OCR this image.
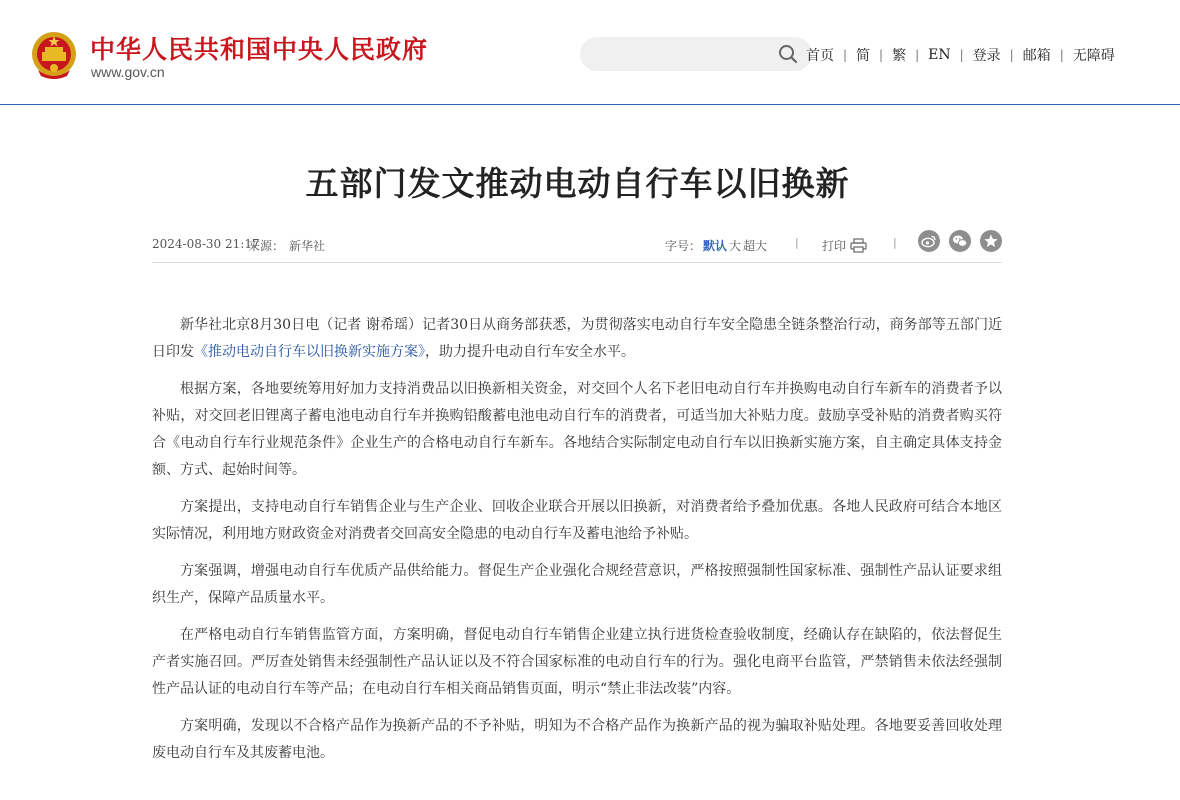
中华人民共和国中央人民政府
www.gov.cn
首页 | 简 | 繁 | EN | 登录 | 邮箱 | 无障碍
五部门发文推动电动自行车以旧换新
2024-08-30 21:17
来源： 新华社	字号： 默认 大 超大	| 打印	|

新华社北京8月30日电（记者 谢希瑶）记者30日从商务部获悉，为贯彻落实电动自行车安全隐患全链条整治行动，商务部等五部门近日印发《推动电动自行车以旧换新实施方案》，助力提升电动自行车安全水平。

根据方案，各地要统筹用好加力支持消费品以旧换新相关资金，对交回个人名下老旧电动自行车并换购电动自行车新车的消费者予以补贴，对交回老旧锂离子蓄电池电动自行车并换购铅酸蓄电池电动自行车的消费者，可适当加大补贴力度。鼓励享受补贴的消费者购买符合《电动自行车行业规范条件》企业生产的合格电动自行车新车。各地结合实际制定电动自行车以旧换新实施方案，自主确定具体支持金额、方式、起始时间等。

方案提出，支持电动自行车销售企业与生产企业、回收企业联合开展以旧换新，对消费者给予叠加优惠。各地人民政府可结合本地区实际情况，利用地方财政资金对消费者交回高安全隐患的电动自行车及蓄电池给予补贴。

方案强调，增强电动自行车优质产品供给能力。督促生产企业强化合规经营意识，严格按照强制性国家标准、强制性产品认证要求组织生产，保障产品质量水平。

在严格电动自行车销售监管方面，方案明确，督促电动自行车销售企业建立执行进货检查验收制度，经确认存在缺陷的，依法督促生产者实施召回。严厉查处销售未经强制性产品认证以及不符合国家标准的电动自行车的行为。强化电商平台监管，严禁销售未依法经强制性产品认证的电动自行车等产品；在电动自行车相关商品销售页面，明示“禁止非法改装”内容。

方案明确，发现以不合格产品作为换新产品的不予补贴，明知为不合格产品作为换新产品的视为骗取补贴处理。各地要妥善回收处理废电动自行车及其废蓄电池。
